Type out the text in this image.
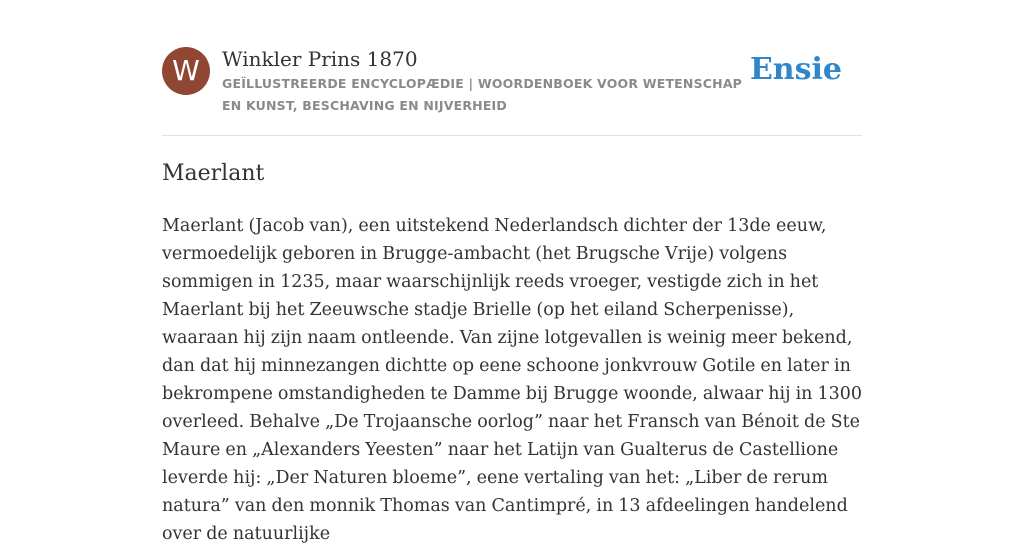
W	Winkler Prins 1870
GEÏLLUSTREERDE ENCYCLOPÆDIE | WOORDENBOEK VOOR WETENSCHAP EN KUNST, BESCHAVING EN NIJVERHEID
Ensie
Maerlant

Maerlant (Jacob van), een uitstekend Nederlandsch dichter der 13de eeuw, vermoedelijk geboren in Brugge-ambacht (het Brugsche Vrije) volgens sommigen in 1235, maar waarschijnlijk reeds vroeger, vestigde zich in het Maerlant bij het Zeeuwsche stadje Brielle (op het eiland Scherpenisse), waaraan hij zijn naam ontleende. Van zijne lotgevallen is weinig meer bekend, dan dat hij minnezangen dichtte op eene schoone jonkvrouw Gotile en later in bekrompene omstandigheden te Damme bij Brugge woonde, alwaar hij in 1300 overleed. Behalve „De Trojaansche oorlog” naar het Fransch van Bénoit de Ste Maure en „Alexanders Yeesten” naar het Latijn van Gualterus de Castellione leverde hij: „Der Naturen bloeme”, eene vertaling van het: „Liber de rerum natura” van den monnik Thomas van Cantimpré, in 13 afdeelingen handelend over de natuurlijke
